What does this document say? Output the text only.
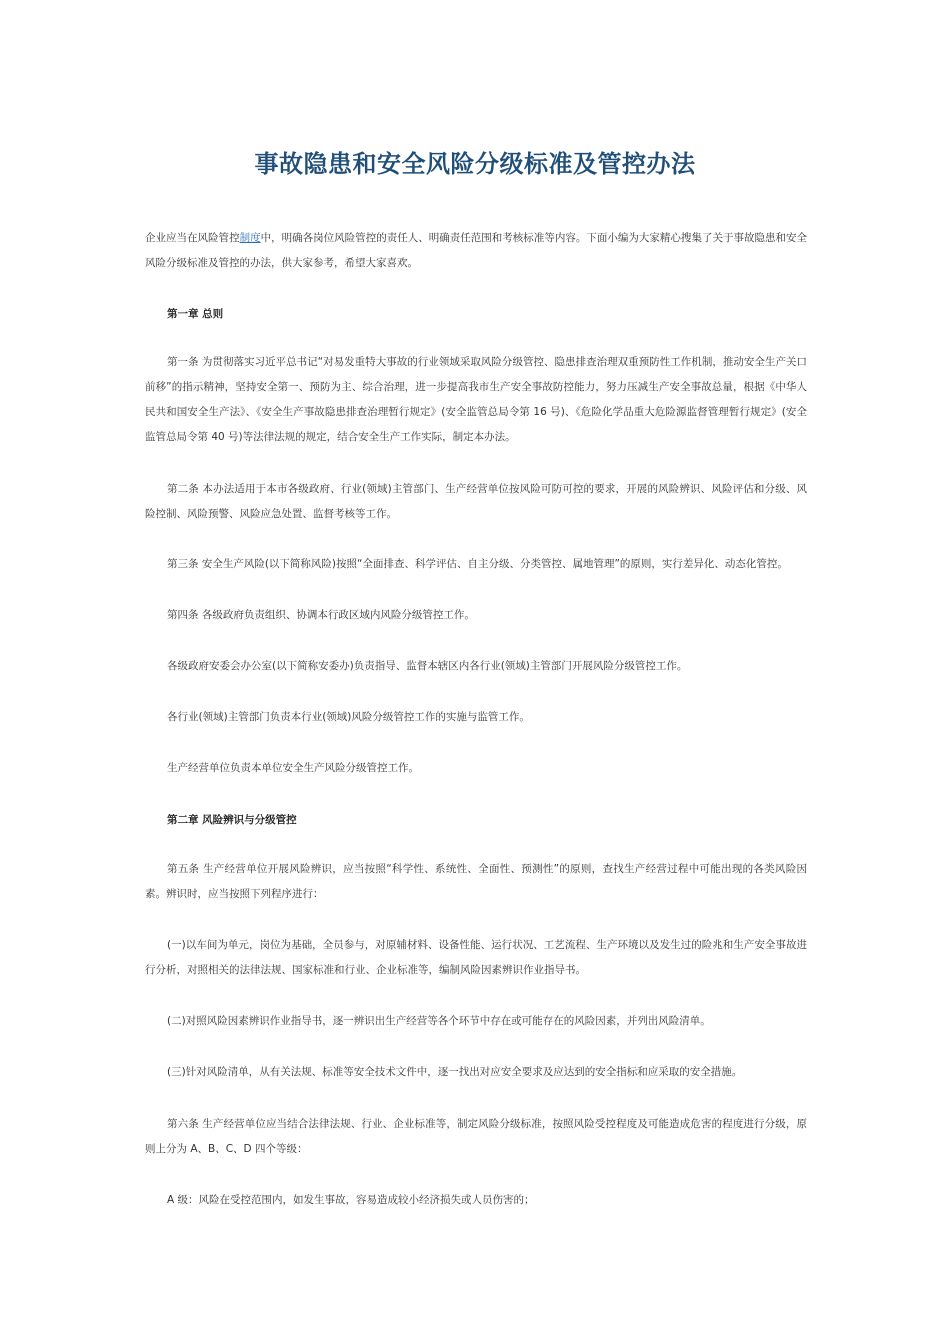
事故隐患和安全风险分级标准及管控办法

企业应当在风险管控制度中，明确各岗位风险管控的责任人、明确责任范围和考核标准等内容。下面小编为大家精心搜集了关于事故隐患和安全风险分级标准及管控的办法，供大家参考，希望大家喜欢。

第一章 总则

第一条 为贯彻落实习近平总书记“对易发重特大事故的行业领域采取风险分级管控、隐患排查治理双重预防性工作机制，推动安全生产关口前移”的指示精神，坚持安全第一、预防为主、综合治理，进一步提高我市生产安全事故防控能力，努力压减生产安全事故总量，根据《中华人民共和国安全生产法》、《安全生产事故隐患排查治理暂行规定》(安全监管总局令第 16 号)、《危险化学品重大危险源监督管理暂行规定》(安全监管总局令第 40 号)等法律法规的规定，结合安全生产工作实际，制定本办法。

第二条 本办法适用于本市各级政府、行业(领域)主管部门、生产经营单位按风险可防可控的要求，开展的风险辨识、风险评估和分级、风险控制、风险预警、风险应急处置、监督考核等工作。

第三条 安全生产风险(以下简称风险)按照“全面排查、科学评估、自主分级、分类管控、属地管理”的原则，实行差异化、动态化管控。

第四条 各级政府负责组织、协调本行政区域内风险分级管控工作。

各级政府安委会办公室(以下简称安委办)负责指导、监督本辖区内各行业(领域)主管部门开展风险分级管控工作。

各行业(领域)主管部门负责本行业(领域)风险分级管控工作的实施与监管工作。

生产经营单位负责本单位安全生产风险分级管控工作。

第二章 风险辨识与分级管控

第五条 生产经营单位开展风险辨识，应当按照“科学性、系统性、全面性、预测性”的原则，查找生产经营过程中可能出现的各类风险因素。辨识时，应当按照下列程序进行：

(一)以车间为单元，岗位为基础，全员参与，对原辅材料、设备性能、运行状况、工艺流程、生产环境以及发生过的险兆和生产安全事故进行分析，对照相关的法律法规、国家标准和行业、企业标准等，编制风险因素辨识作业指导书。

(二)对照风险因素辨识作业指导书，逐一辨识出生产经营等各个环节中存在或可能存在的风险因素，并列出风险清单。

(三)针对风险清单，从有关法规、标准等安全技术文件中，逐一找出对应安全要求及应达到的安全指标和应采取的安全措施。

第六条 生产经营单位应当结合法律法规、行业、企业标准等，制定风险分级标准，按照风险受控程度及可能造成危害的程度进行分级，原则上分为 A、B、C、D 四个等级：

A 级：风险在受控范围内，如发生事故，容易造成较小经济损失或人员伤害的；
